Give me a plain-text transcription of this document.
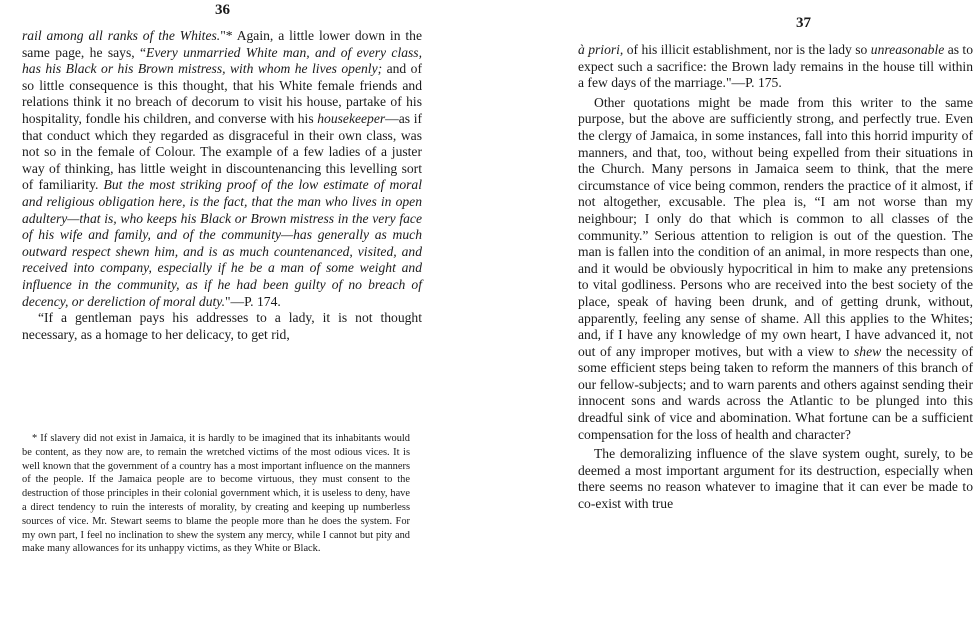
36

rail among all ranks of the Whites."* Again, a little lower down in the same page, he says, “Every unmarried White man, and of every class, has his Black or his Brown mistress, with whom he lives openly; and of so little consequence is this thought, that his White female friends and relations think it no breach of decorum to visit his house, partake of his hospitality, fondle his children, and converse with his housekeeper—as if that conduct which they regarded as disgraceful in their own class, was not so in the female of Colour. The example of a few ladies of a juster way of thinking, has little weight in discountenancing this levelling sort of familiarity. But the most striking proof of the low estimate of moral and religious obligation here, is the fact, that the man who lives in open adultery—that is, who keeps his Black or Brown mistress in the very face of his wife and family, and of the community—has generally as much outward respect shewn him, and is as much countenanced, visited, and received into company, especially if he be a man of some weight and influence in the community, as if he had been guilty of no breach of decency, or dereliction of moral duty."—P. 174.

“If a gentleman pays his addresses to a lady, it is not thought necessary, as a homage to her delicacy, to get rid,

* If slavery did not exist in Jamaica, it is hardly to be imagined that its inhabitants would be content, as they now are, to remain the wretched victims of the most odious vices. It is well known that the government of a country has a most important influence on the manners of the people. If the Jamaica people are to become virtuous, they must consent to the destruction of those principles in their colonial government which, it is useless to deny, have a direct tendency to ruin the interests of morality, by creating and keeping up numberless sources of vice. Mr. Stewart seems to blame the people more than he does the system. For my own part, I feel no inclination to shew the system any mercy, while I cannot but pity and make many allowances for its unhappy victims, as they White or Black.
37

à priori, of his illicit establishment, nor is the lady so unreasonable as to expect such a sacrifice: the Brown lady remains in the house till within a few days of the marriage."—P. 175.

Other quotations might be made from this writer to the same purpose, but the above are sufficiently strong, and perfectly true. Even the clergy of Jamaica, in some instances, fall into this horrid impurity of manners, and that, too, without being expelled from their situations in the Church. Many persons in Jamaica seem to think, that the mere circumstance of vice being common, renders the practice of it almost, if not altogether, excusable. The plea is, “I am not worse than my neighbour; I only do that which is common to all classes of the community.” Serious attention to religion is out of the question. The man is fallen into the condition of an animal, in more respects than one, and it would be obviously hypocritical in him to make any pretensions to vital godliness. Persons who are received into the best society of the place, speak of having been drunk, and of getting drunk, without, apparently, feeling any sense of shame. All this applies to the Whites; and, if I have any knowledge of my own heart, I have advanced it, not out of any improper motives, but with a view to shew the necessity of some efficient steps being taken to reform the manners of this branch of our fellow-subjects; and to warn parents and others against sending their innocent sons and wards across the Atlantic to be plunged into this dreadful sink of vice and abomination. What fortune can be a sufficient compensation for the loss of health and character?

The demoralizing influence of the slave system ought, surely, to be deemed a most important argument for its destruction, especially when there seems no reason whatever to imagine that it can ever be made to co-exist with true
